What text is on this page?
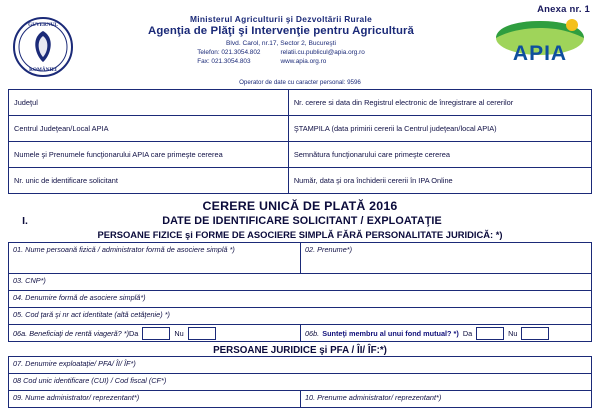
Anexa nr. 1
GUVERNUL
ROMÂNIEI
Ministerul Agriculturii şi Dezvoltării Rurale
Agenţia de Plăţi şi Intervenţie pentru Agricultură
Blvd. Carol, nr.17, Sector 2, Bucureşti
Telefon: 021.3054.802
Fax: 021.3054.803
relatii.cu.publicul@apia.org.ro
www.apia.org.ro	APIA
Operator de date cu caracter personal: 9596
Judeţul	Nr. cerere si data din Registrul electronic de înregistrare al cererilor
Centrul Judeţean/Local APIA	ŞTAMPILA (data primirii cererii la Centrul judeţean/local APIA)
Numele şi Prenumele funcţionarului APIA care primeşte cererea	Semnătura funcţionarului care primeşte cererea
Nr. unic de identificare solicitant	Număr, data şi ora închiderii cererii în IPA Online
CERERE UNICĂ DE PLATĂ 2016
I.	DATE DE IDENTIFICARE SOLICITANT / EXPLOATAŢIE
PERSOANE FIZICE şi FORME DE ASOCIERE SIMPLĂ FĂRĂ PERSONALITATE JURIDICĂ: *)
01. Nume persoană fizică / administrator formă de asociere simplă *)	02. Prenume*)
03. CNP*)
04. Denumire formă de asociere simplă*)
05. Cod ţară şi nr act identitate (altă cetăţenie) *)
06a. Beneficiaţi de rentă viageră? *) Da	Nu	06b. Sunteţi membru al unui fond mutual? *) Da	Nu
PERSOANE JURIDICE şi PFA / ÎI/ ÎF:*)
07. Denumire exploataţie/ PFA/ ÎI/ ÎF*)
08 Cod unic identificare (CUI) / Cod fiscal (CF*)
09. Nume administrator/ reprezentant*)	10. Prenume administrator/ reprezentant*)
